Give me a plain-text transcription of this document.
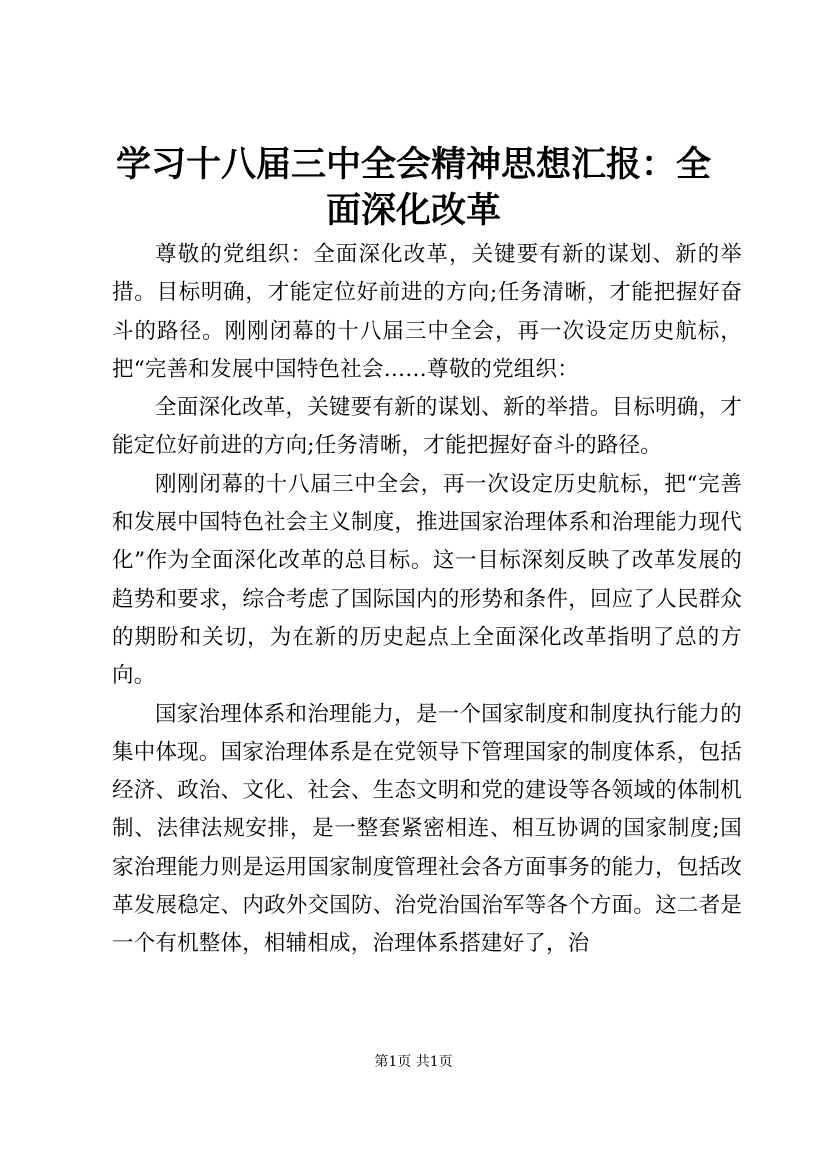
学习十八届三中全会精神思想汇报：全面深化改革

尊敬的党组织：全面深化改革，关键要有新的谋划、新的举措。目标明确，才能定位好前进的方向;任务清晰，才能把握好奋斗的路径。刚刚闭幕的十八届三中全会，再一次设定历史航标，把“完善和发展中国特色社会……尊敬的党组织：

全面深化改革，关键要有新的谋划、新的举措。目标明确，才能定位好前进的方向;任务清晰，才能把握好奋斗的路径。

刚刚闭幕的十八届三中全会，再一次设定历史航标，把“完善和发展中国特色社会主义制度，推进国家治理体系和治理能力现代化”作为全面深化改革的总目标。这一目标深刻反映了改革发展的趋势和要求，综合考虑了国际国内的形势和条件，回应了人民群众的期盼和关切，为在新的历史起点上全面深化改革指明了总的方向。

国家治理体系和治理能力，是一个国家制度和制度执行能力的集中体现。国家治理体系是在党领导下管理国家的制度体系，包括经济、政治、文化、社会、生态文明和党的建设等各领域的体制机制、法律法规安排，是一整套紧密相连、相互协调的国家制度;国家治理能力则是运用国家制度管理社会各方面事务的能力，包括改革发展稳定、内政外交国防、治党治国治军等各个方面。这二者是一个有机整体，相辅相成，治理体系搭建好了，治

第1页 共1页
